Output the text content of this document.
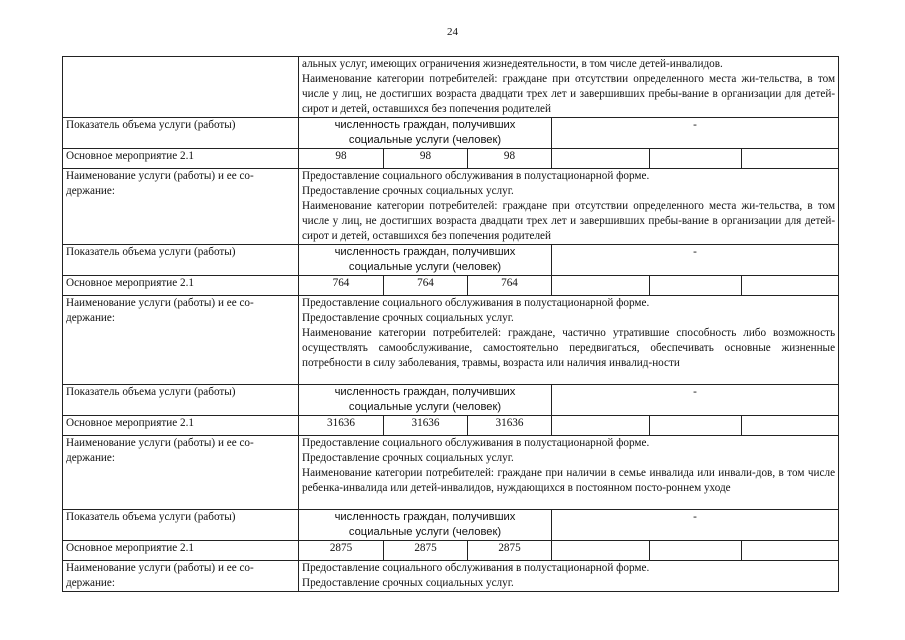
24

	альных услуг, имеющих ограничения жизнедеятельности, в том числе детей-инвалидов.
Наименование категории потребителей: граждане при отсутствии определенного места жи-тельства, в том числе у лиц, не достигших возраста двадцати трех лет и завершивших пребы-вание в организации для детей-сирот и детей, оставшихся без попечения родителей					

Показатель объема услуги (работы)	численность граждан, получивших социальные услуги (человек)			-		
Основное мероприятие 2.1	98	98	98			
Наименование услуги (работы) и ее со-держание:	Предоставление социального обслуживания в полустационарной форме.
Предоставление срочных социальных услуг.
Наименование категории потребителей: граждане при отсутствии определенного места жи-тельства, в том числе у лиц, не достигших возраста двадцати трех лет и завершивших пребы-вание в организации для детей-сирот и детей, оставшихся без попечения родителей					

Показатель объема услуги (работы)	численность граждан, получивших социальные услуги (человек)			-		
Основное мероприятие 2.1	764	764	764			
Наименование услуги (работы) и ее со-держание:	Предоставление социального обслуживания в полустационарной форме.
Предоставление срочных социальных услуг.
Наименование категории потребителей: граждане, частично утратившие способность либо возможность осуществлять самообслуживание, самостоятельно передвигаться, обеспечивать основные жизненные потребности в силу заболевания, травмы, возраста или наличия инвалид-ности					

Показатель объема услуги (работы)	численность граждан, получивших социальные услуги (человек)			-		
Основное мероприятие 2.1	31636	31636	31636			
Наименование услуги (работы) и ее со-держание:	Предоставление социального обслуживания в полустационарной форме.
Предоставление срочных социальных услуг.
Наименование категории потребителей: граждане при наличии в семье инвалида или инвали-дов, в том числе ребенка-инвалида или детей-инвалидов, нуждающихся в постоянном посто-роннем уходе					

Показатель объема услуги (работы)	численность граждан, получивших социальные услуги (человек)			-		
Основное мероприятие 2.1	2875	2875	2875			
Наименование услуги (работы) и ее со-держание:	Предоставление социального обслуживания в полустационарной форме.
Предоставление срочных социальных услуг.					
